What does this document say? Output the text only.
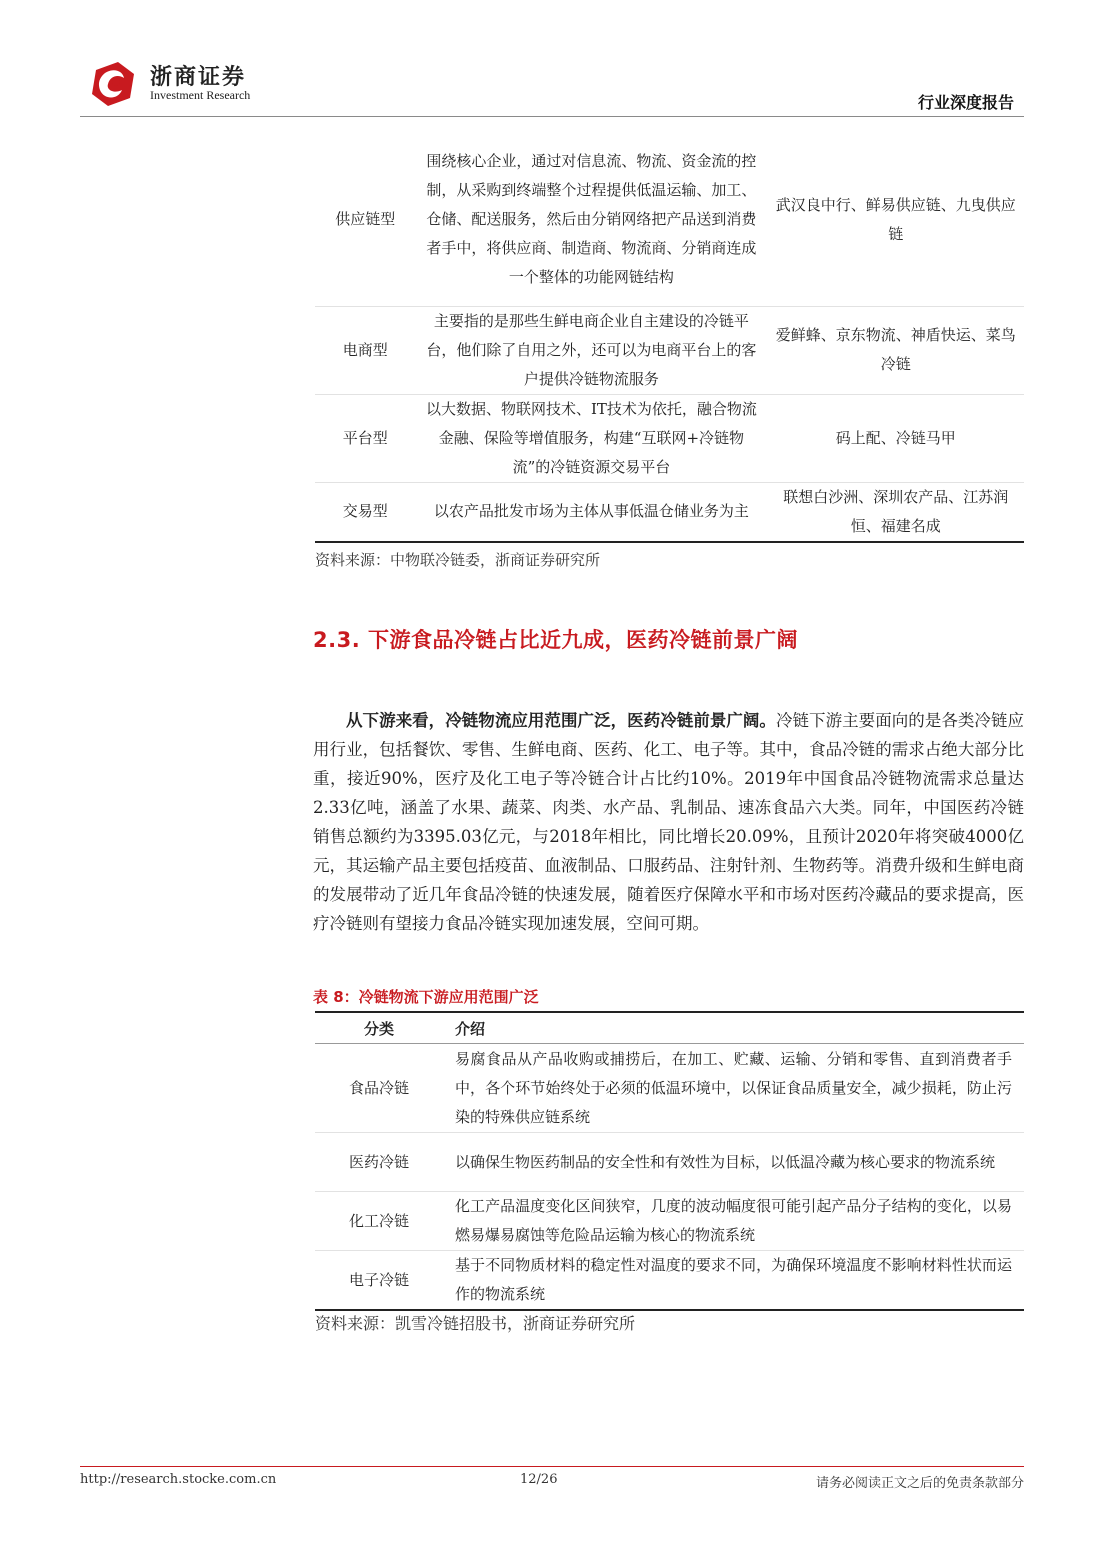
浙商证券
Investment Research	行业深度报告
供应链型	围绕核心企业，通过对信息流、物流、资金流的控制，从采购到终端整个过程提供低温运输、加工、仓储、配送服务，然后由分销网络把产品送到消费者手中，将供应商、制造商、物流商、分销商连成一个整体的功能网链结构	武汉良中行、鲜易供应链、九曳供应链
电商型	主要指的是那些生鲜电商企业自主建设的冷链平台，他们除了自用之外，还可以为电商平台上的客户提供冷链物流服务	爱鲜蜂、京东物流、神盾快运、菜鸟冷链
平台型	以大数据、物联网技术、IT技术为依托，融合物流金融、保险等增值服务，构建“互联网+冷链物流”的冷链资源交易平台	码上配、冷链马甲
交易型	以农产品批发市场为主体从事低温仓储业务为主	联想白沙洲、深圳农产品、江苏润恒、福建名成
资料来源：中物联冷链委，浙商证券研究所
2.3. 下游食品冷链占比近九成，医药冷链前景广阔

从下游来看，冷链物流应用范围广泛，医药冷链前景广阔。冷链下游主要面向的是各类冷链应用行业，包括餐饮、零售、生鲜电商、医药、化工、电子等。其中，食品冷链的需求占绝大部分比重，接近90%，医疗及化工电子等冷链合计占比约10%。2019年中国食品冷链物流需求总量达2.33亿吨，涵盖了水果、蔬菜、肉类、水产品、乳制品、速冻食品六大类。同年，中国医药冷链销售总额约为3395.03亿元，与2018年相比，同比增长20.09%，且预计2020年将突破4000亿元，其运输产品主要包括疫苗、血液制品、口服药品、注射针剂、生物药等。消费升级和生鲜电商的发展带动了近几年食品冷链的快速发展，随着医疗保障水平和市场对医药冷藏品的要求提高，医疗冷链则有望接力食品冷链实现加速发展，空间可期。

表 8：冷链物流下游应用范围广泛
分类	介绍
食品冷链	易腐食品从产品收购或捕捞后，在加工、贮藏、运输、分销和零售、直到消费者手中，各个环节始终处于必须的低温环境中，以保证食品质量安全，减少损耗，防止污染的特殊供应链系统
医药冷链	以确保生物医药制品的安全性和有效性为目标，以低温冷藏为核心要求的物流系统
化工冷链	化工产品温度变化区间狭窄，几度的波动幅度很可能引起产品分子结构的变化，以易燃易爆易腐蚀等危险品运输为核心的物流系统
电子冷链	基于不同物质材料的稳定性对温度的要求不同，为确保环境温度不影响材料性状而运作的物流系统
资料来源：凯雪冷链招股书，浙商证券研究所
http://research.stocke.com.cn	12/26	请务必阅读正文之后的免责条款部分
